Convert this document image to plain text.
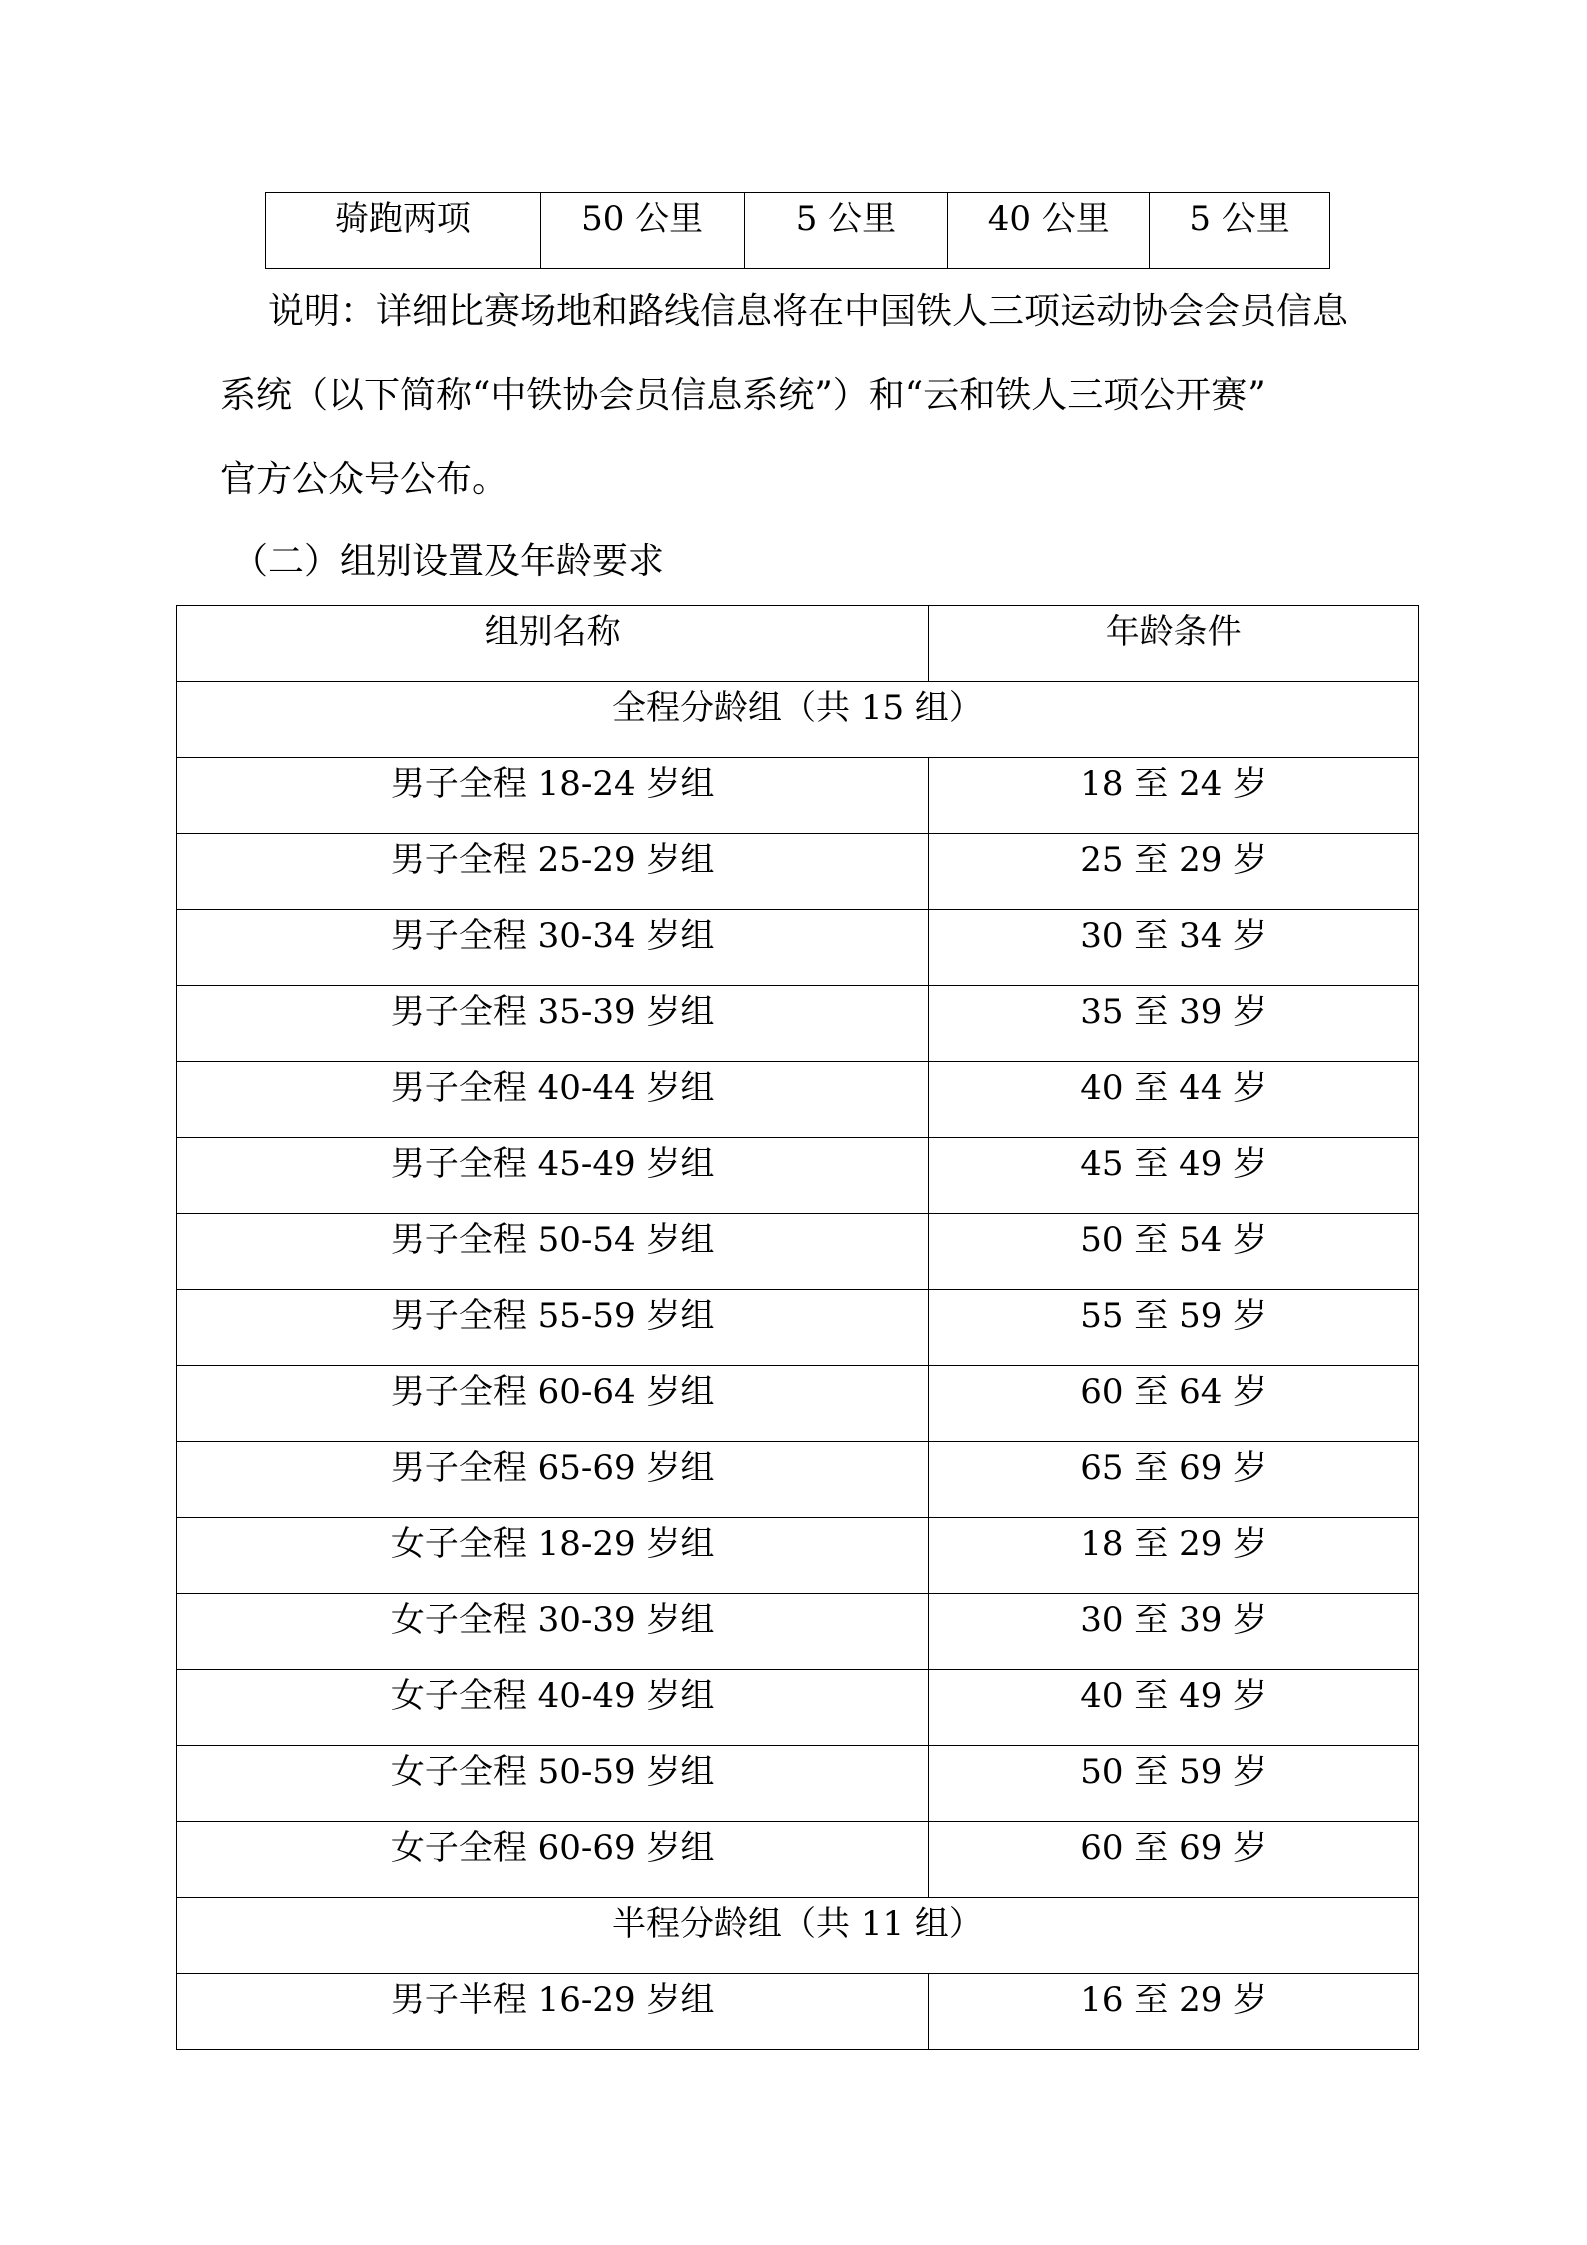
骑跑两项	50 公里	5 公里	40 公里	5 公里
说明：详细比赛场地和路线信息将在中国铁人三项运动协会会员信息
系统（以下简称“中铁协会员信息系统”）和“云和铁人三项公开赛”
官方公众号公布。
（二）组别设置及年龄要求
组别名称	年龄条件
全程分龄组（共 15 组）	
男子全程 18-24 岁组	18 至 24 岁
男子全程 25-29 岁组	25 至 29 岁
男子全程 30-34 岁组	30 至 34 岁
男子全程 35-39 岁组	35 至 39 岁
男子全程 40-44 岁组	40 至 44 岁
男子全程 45-49 岁组	45 至 49 岁
男子全程 50-54 岁组	50 至 54 岁
男子全程 55-59 岁组	55 至 59 岁
男子全程 60-64 岁组	60 至 64 岁
男子全程 65-69 岁组	65 至 69 岁
女子全程 18-29 岁组	18 至 29 岁
女子全程 30-39 岁组	30 至 39 岁
女子全程 40-49 岁组	40 至 49 岁
女子全程 50-59 岁组	50 至 59 岁
女子全程 60-69 岁组	60 至 69 岁
半程分龄组（共 11 组）	
男子半程 16-29 岁组	16 至 29 岁
